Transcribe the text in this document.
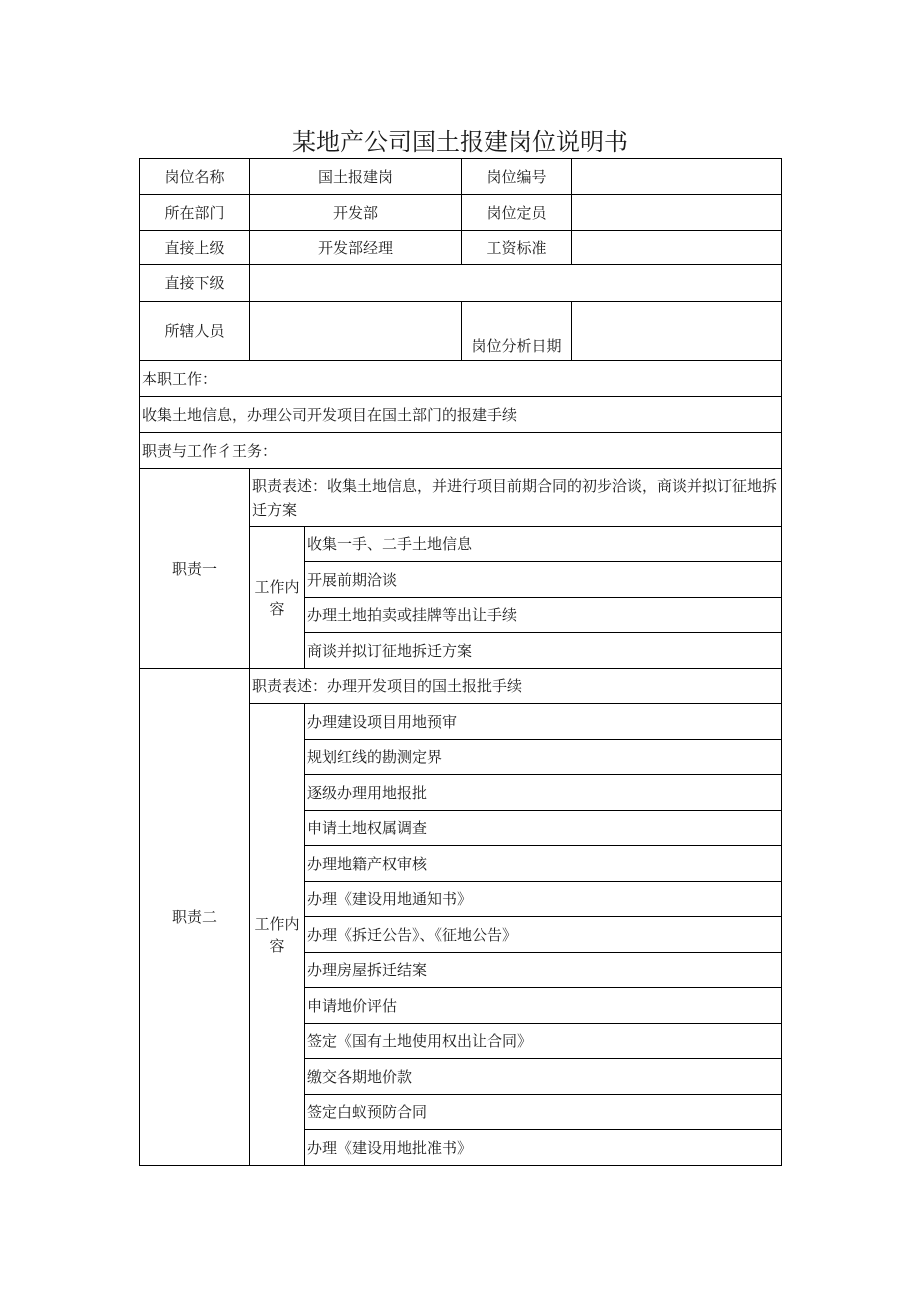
某地产公司国土报建岗位说明书
岗位名称	国土报建岗		岗位编号	
所在部门	开发部		岗位定员	
直接上级	开发部经理		工资标准	
直接下级				
所辖人员			岗位分析日期	
本职工作：				
收集土地信息，办理公司开发项目在国土部门的报建手续				
职责与工作彳王务：				
职责一	职责表述：收集土地信息，并进行项目前期合同的初步洽谈，商谈并拟订征地拆迁方案			
	工作内容	收集一手、二手土地信息		
		开展前期洽谈		
		办理土地拍卖或挂牌等出让手续		
		商谈并拟订征地拆迁方案		
职责二	职责表述：办理开发项目的国土报批手续			
	工作内容	办理建设项目用地预审		
		规划红线的勘测定界		
		逐级办理用地报批		
		申请土地权属调查		
		办理地籍产权审核		
		办理《建设用地通知书》		
		办理《拆迁公告》、《征地公告》		
		办理房屋拆迁结案		
		申请地价评估		
		签定《国有土地使用权出让合同》		
		缴交各期地价款		
		签定白蚁预防合同		
		办理《建设用地批准书》		
